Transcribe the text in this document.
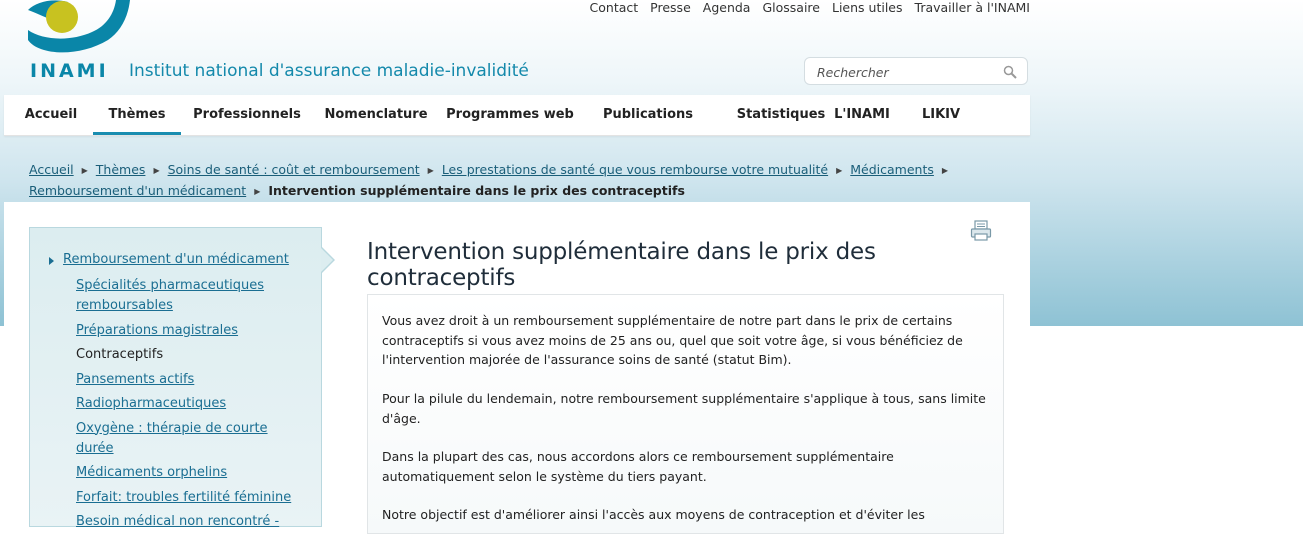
INAMI Institut national d'assurance maladie-invalidité
Contact Presse Agenda Glossaire Liens utiles Travailler à l'INAMI
Rechercher
Accueil	Thèmes	Professionnels	Nomenclature	Programmes web	Publications	Statistiques L'INAMI	LIKIV
Accueil ▶ Thèmes ▶ Soins de santé : coût et remboursement ▶ Les prestations de santé que vous rembourse votre mutualité ▶ Médicaments ▶Remboursement d'un médicament ▶ Intervention supplémentaire dans le prix des contraceptifs
Remboursement d'un médicament
Spécialités pharmaceutiques remboursables
Préparations magistrales
Contraceptifs
Pansements actifs
Radiopharmaceutiques
Oxygène : thérapie de courte durée
Médicaments orphelins
Forfait: troubles fertilité féminine
Besoin médical non rencontré -
Intervention supplémentaire dans le prix des contraceptifs

Vous avez droit à un remboursement supplémentaire de notre part dans le prix de certains contraceptifs si vous avez moins de 25 ans ou, quel que soit votre âge, si vous bénéficiez de l'intervention majorée de l'assurance soins de santé (statut Bim).

Pour la pilule du lendemain, notre remboursement supplémentaire s'applique à tous, sans limite d'âge.

Dans la plupart des cas, nous accordons alors ce remboursement supplémentaire automatiquement selon le système du tiers payant.

Notre objectif est d'améliorer ainsi l'accès aux moyens de contraception et d'éviter les
